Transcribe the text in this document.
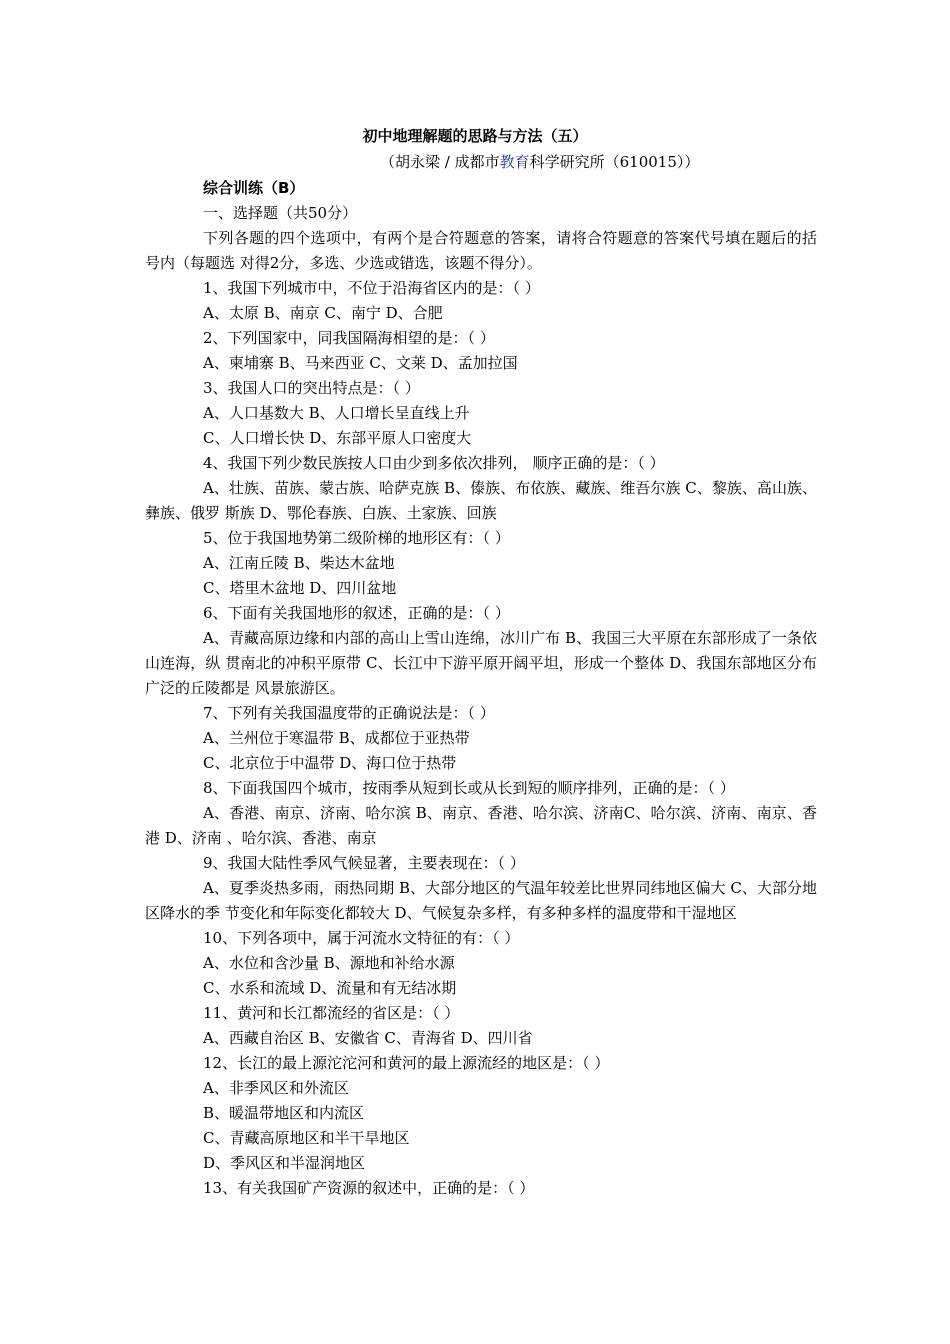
初中地理解题的思路与方法（五）
（胡永梁 / 成都市教育科学研究所（610015））

综合训练（B）

一、选择题（共50分）

下列各题的四个选项中，有两个是合符题意的答案，请将合符题意的答案代号填在题后的括号内（每题选 对得2分，多选、少选或错选，该题不得分）。

1、我国下列城市中，不位于沿海省区内的是：（ ）

A、太原 B、南京 C、南宁 D、合肥

2、下列国家中，同我国隔海相望的是：（ ）

A、柬埔寨 B、马来西亚 C、文莱 D、孟加拉国

3、我国人口的突出特点是：（ ）

A、人口基数大 B、人口增长呈直线上升

C、人口增长快 D、东部平原人口密度大

4、我国下列少数民族按人口由少到多依次排列， 顺序正确的是：（ ）

A、壮族、苗族、蒙古族、哈萨克族 B、傣族、布依族、藏族、维吾尔族 C、黎族、高山族、彝族、俄罗 斯族 D、鄂伦春族、白族、土家族、回族

5、位于我国地势第二级阶梯的地形区有：（ ）

A、江南丘陵 B、柴达木盆地

C、塔里木盆地 D、四川盆地

6、下面有关我国地形的叙述，正确的是：（ ）

A、青藏高原边缘和内部的高山上雪山连绵，冰川广布 B、我国三大平原在东部形成了一条依山连海，纵 贯南北的冲积平原带 C、长江中下游平原开阔平坦，形成一个整体 D、我国东部地区分布广泛的丘陵都是 风景旅游区。

7、下列有关我国温度带的正确说法是：（ ）

A、兰州位于寒温带 B、成都位于亚热带

C、北京位于中温带 D、海口位于热带

8、下面我国四个城市，按雨季从短到长或从长到短的顺序排列，正确的是：（ ）

A、香港、南京、济南、哈尔滨 B、南京、香港、哈尔滨、济南C、哈尔滨、济南、南京、香港 D、济南 、哈尔滨、香港、南京

9、我国大陆性季风气候显著，主要表现在：（ ）

A、夏季炎热多雨，雨热同期 B、大部分地区的气温年较差比世界同纬地区偏大 C、大部分地区降水的季 节变化和年际变化都较大 D、气候复杂多样，有多种多样的温度带和干湿地区

10、下列各项中，属于河流水文特征的有：（ ）

A、水位和含沙量 B、源地和补给水源

C、水系和流域 D、流量和有无结冰期

11、黄河和长江都流经的省区是：（ ）

A、西藏自治区 B、安徽省 C、青海省 D、四川省

12、长江的最上源沱沱河和黄河的最上源流经的地区是：（ ）

A、非季风区和外流区

B、暖温带地区和内流区

C、青藏高原地区和半干旱地区

D、季风区和半湿润地区

13、有关我国矿产资源的叙述中，正确的是：（ ）
